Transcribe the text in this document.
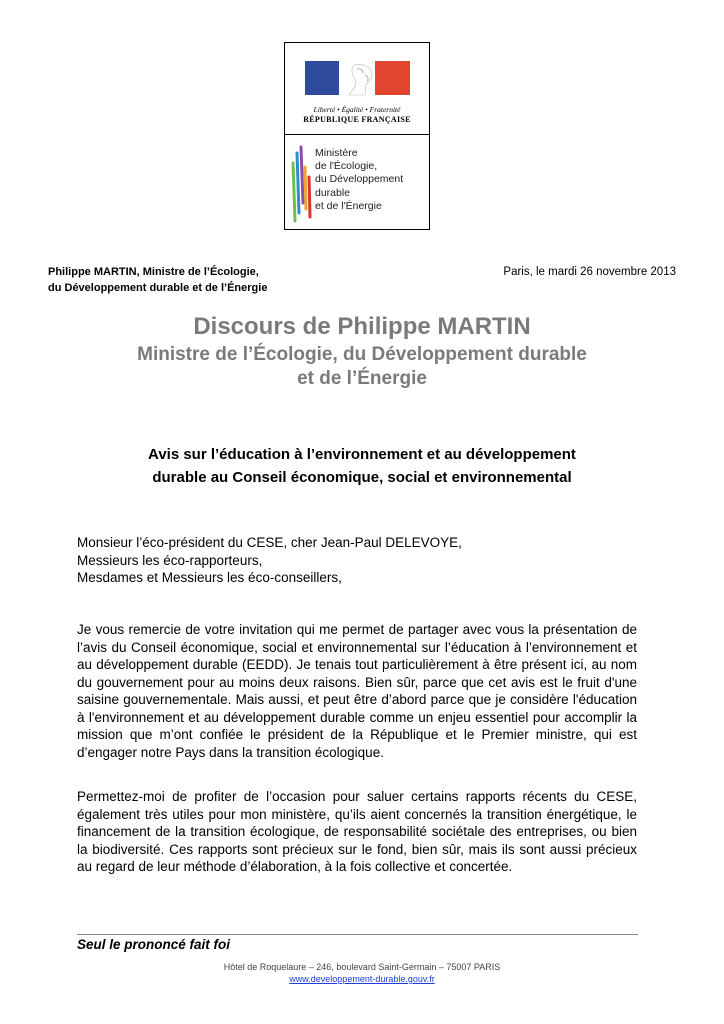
Liberté • Égalité • Fraternité
RÉPUBLIQUE FRANÇAISE
Ministère
de l'Écologie,
du Développement
durable
et de l'Énergie
Philippe MARTIN, Ministre de l’Écologie,
du Développement durable et de l’Énergie
Paris, le mardi 26 novembre 2013
Discours de Philippe MARTIN
Ministre de l’Écologie, du Développement durable
et de l’Énergie
Avis sur l’éducation à l’environnement et au développement
durable au Conseil économique, social et environnemental
Monsieur l’éco-président du CESE, cher Jean-Paul DELEVOYE,
Messieurs les éco-rapporteurs,
Mesdames et Messieurs les éco-conseillers,
Je vous remercie de votre invitation qui me permet de partager avec vous la présentation de l’avis du Conseil économique, social et environnemental sur l’éducation à l’environnement et au développement durable (EEDD). Je tenais tout particulièrement à être présent ici, au nom du gouvernement pour au moins deux raisons. Bien sûr, parce que cet avis est le fruit d'une saisine gouvernementale. Mais aussi, et peut être d’abord parce que je considère l'éducation à l'environnement et au développement durable comme un enjeu essentiel pour accomplir la mission que m’ont confiée le président de la République et le Premier ministre, qui est d’engager notre Pays dans la transition écologique.
Permettez-moi de profiter de l’occasion pour saluer certains rapports récents du CESE, également très utiles pour mon ministère, qu’ils aient concernés la transition énergétique, le financement de la transition écologique, de responsabilité sociétale des entreprises, ou bien la biodiversité. Ces rapports sont précieux sur le fond, bien sûr, mais ils sont aussi précieux au regard de leur méthode d’élaboration, à la fois collective et concertée.
Seul le prononcé fait foi
Hôtel de Roquelaure – 246, boulevard Saint-Germain – 75007 PARIS
www.developpement-durable.gouv.fr
